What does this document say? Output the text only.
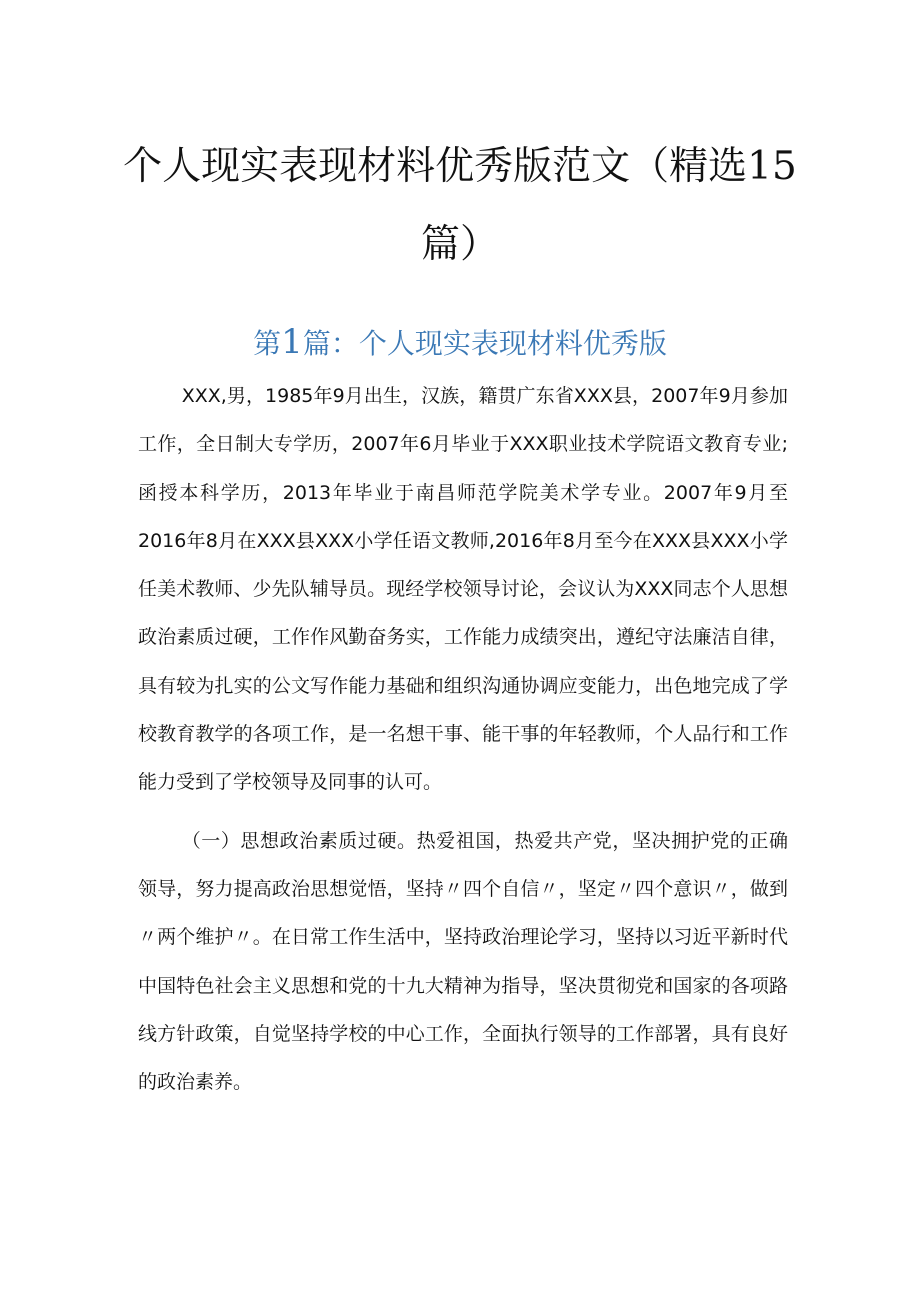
个人现实表现材料优秀版范文（精选15篇）
第1篇：个人现实表现材料优秀版

XXX,男，1985年9月出生，汉族，籍贯广东省XXX县，2007年9月参加工作，全日制大专学历，2007年6月毕业于XXX职业技术学院语文教育专业;函授本科学历，2013年毕业于南昌师范学院美术学专业。2007年9月至2016年8月在XXX县XXX小学任语文教师,2016年8月至今在XXX县XXX小学任美术教师、少先队辅导员。现经学校领导讨论，会议认为XXX同志个人思想政治素质过硬，工作作风勤奋务实，工作能力成绩突出，遵纪守法廉洁自律，具有较为扎实的公文写作能力基础和组织沟通协调应变能力，出色地完成了学校教育教学的各项工作，是一名想干事、能干事的年轻教师，个人品行和工作能力受到了学校领导及同事的认可。

（一）思想政治素质过硬。热爱祖国，热爱共产党，坚决拥护党的正确领导，努力提高政治思想觉悟，坚持〃四个自信〃，坚定〃四个意识〃，做到〃两个维护〃。在日常工作生活中，坚持政治理论学习，坚持以习近平新时代中国特色社会主义思想和党的十九大精神为指导，坚决贯彻党和国家的各项路线方针政策，自觉坚持学校的中心工作，全面执行领导的工作部署，具有良好的政治素养。
